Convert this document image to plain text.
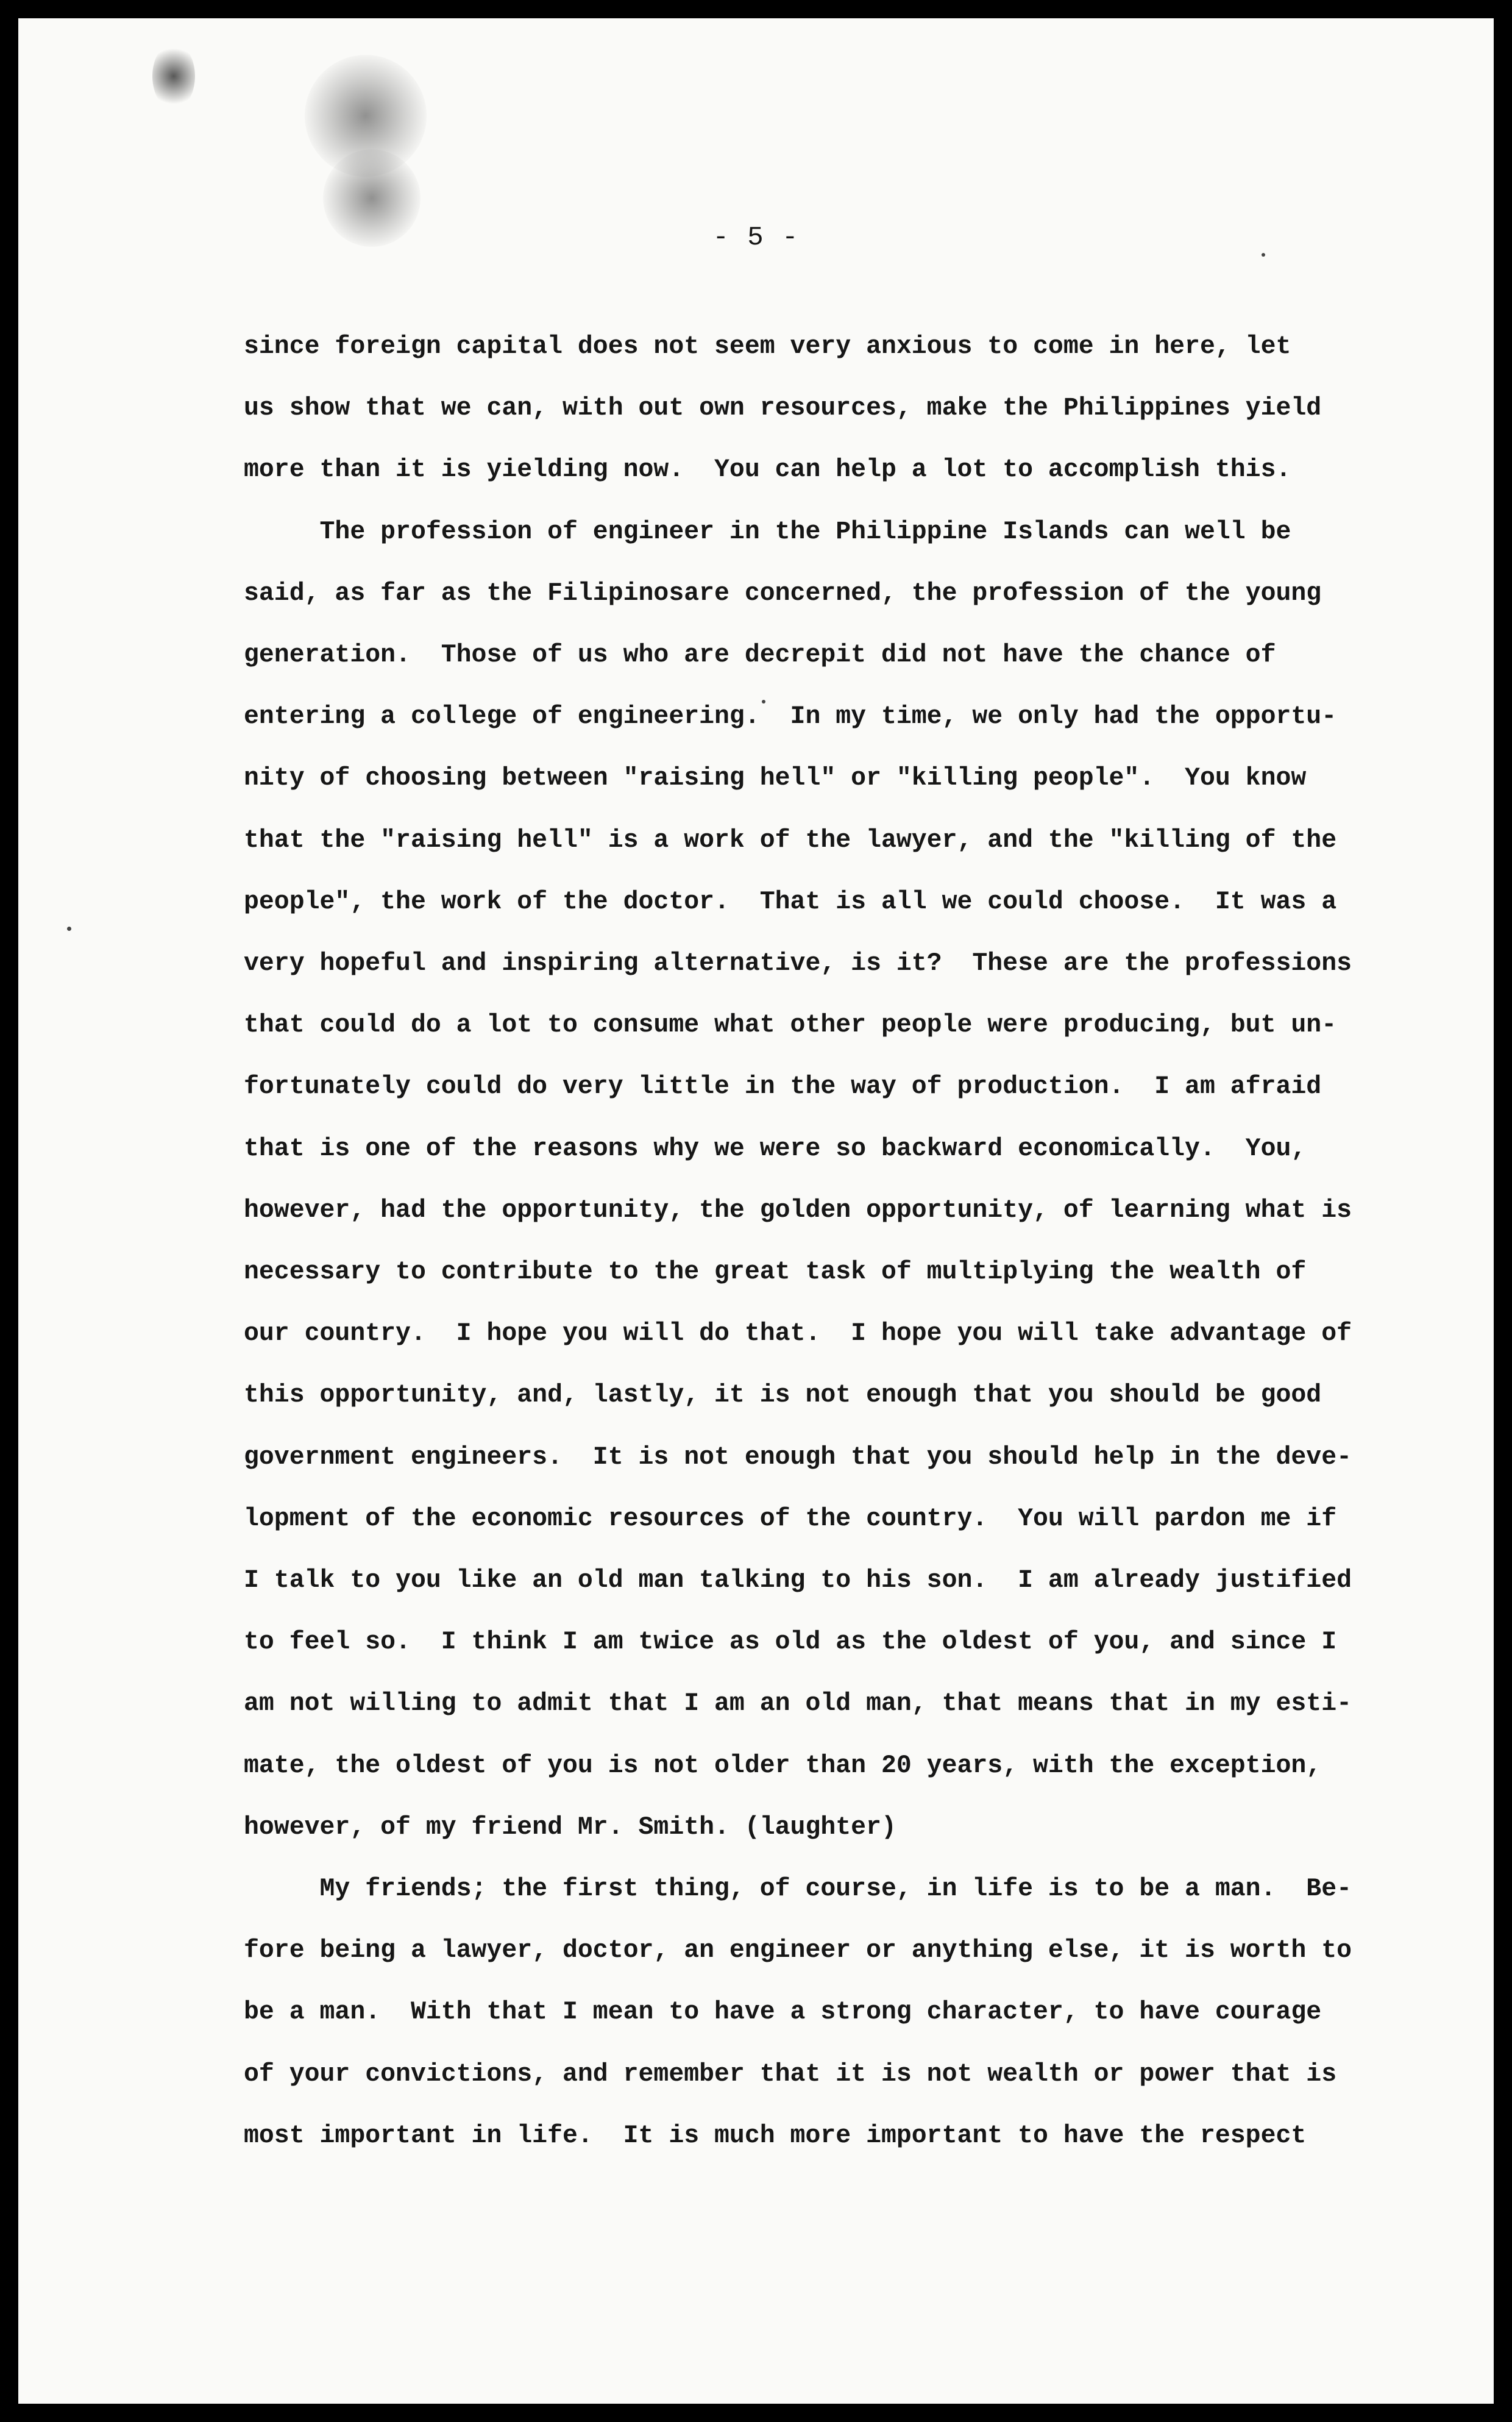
- 5 -
since foreign capital does not seem very anxious to come in here, let
us show that we can, with out own resources, make the Philippines yield
more than it is yielding now.  You can help a lot to accomplish this.
The profession of engineer in the Philippine Islands can well be
said, as far as the Filipinosare concerned, the profession of the young
generation.  Those of us who are decrepit did not have the chance of
entering a college of engineering.  In my time, we only had the opportu-
nity of choosing between "raising hell" or "killing people".  You know
that the "raising hell" is a work of the lawyer, and the "killing of the
people", the work of the doctor.  That is all we could choose.  It was a
very hopeful and inspiring alternative, is it?  These are the professions
that could do a lot to consume what other people were producing, but un-
fortunately could do very little in the way of production.  I am afraid
that is one of the reasons why we were so backward economically.  You,
however, had the opportunity, the golden opportunity, of learning what is
necessary to contribute to the great task of multiplying the wealth of
our country.  I hope you will do that.  I hope you will take advantage of
this opportunity, and, lastly, it is not enough that you should be good
government engineers.  It is not enough that you should help in the deve-
lopment of the economic resources of the country.  You will pardon me if
I talk to you like an old man talking to his son.  I am already justified
to feel so.  I think I am twice as old as the oldest of you, and since I
am not willing to admit that I am an old man, that means that in my esti-
mate, the oldest of you is not older than 20 years, with the exception,
however, of my friend Mr. Smith. (laughter)
My friends; the first thing, of course, in life is to be a man.  Be-
fore being a lawyer, doctor, an engineer or anything else, it is worth to
be a man.  With that I mean to have a strong character, to have courage
of your convictions, and remember that it is not wealth or power that is
most important in life.  It is much more important to have the respect
